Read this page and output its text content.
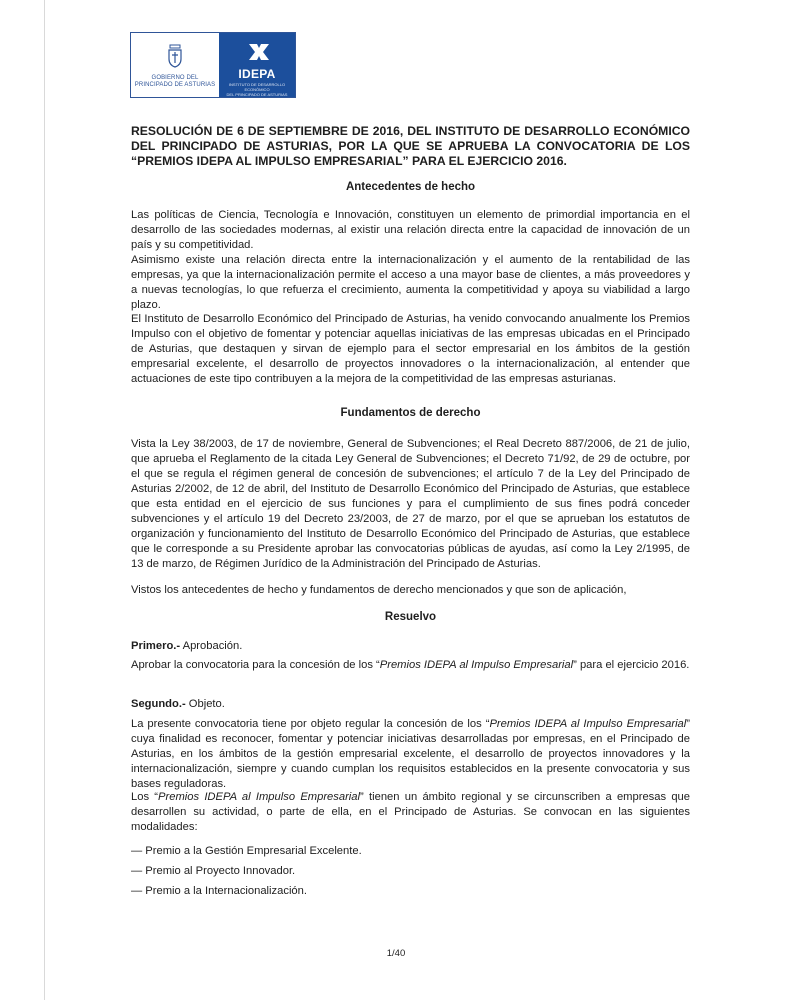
GOBIERNO DEL
PRINCIPADO DE ASTURIAS
IDEPA
INSTITUTO DE DESARROLLO ECONÓMICO
DEL PRINCIPADO DE ASTURIAS

RESOLUCIÓN DE 6 DE SEPTIEMBRE DE 2016, DEL INSTITUTO DE DESARROLLO ECONÓMICO DEL PRINCIPADO DE ASTURIAS, POR LA QUE SE APRUEBA LA CONVOCATORIA DE LOS “PREMIOS IDEPA AL IMPULSO EMPRESARIAL” PARA EL EJERCICIO 2016.

Antecedentes de hecho

Las políticas de Ciencia, Tecnología e Innovación, constituyen un elemento de primordial importancia en el desarrollo de las sociedades modernas, al existir una relación directa entre la capacidad de innovación de un país y su competitividad.

Asimismo existe una relación directa entre la internacionalización y el aumento de la rentabilidad de las empresas, ya que la internacionalización permite el acceso a una mayor base de clientes, a más proveedores y a nuevas tecnologías, lo que refuerza el crecimiento, aumenta la competitividad y apoya su viabilidad a largo plazo.

El Instituto de Desarrollo Económico del Principado de Asturias, ha venido convocando anualmente los Premios Impulso con el objetivo de fomentar y potenciar aquellas iniciativas de las empresas ubicadas en el Principado de Asturias, que destaquen y sirvan de ejemplo para el sector empresarial en los ámbitos de la gestión empresarial excelente, el desarrollo de proyectos innovadores o la internacionalización, al entender que actuaciones de este tipo contribuyen a la mejora de la competitividad de las empresas asturianas.

Fundamentos de derecho

Vista la Ley 38/2003, de 17 de noviembre, General de Subvenciones; el Real Decreto 887/2006, de 21 de julio, que aprueba el Reglamento de la citada Ley General de Subvenciones; el Decreto 71/92, de 29 de octubre, por el que se regula el régimen general de concesión de subvenciones; el artículo 7 de la Ley del Principado de Asturias 2/2002, de 12 de abril, del Instituto de Desarrollo Económico del Principado de Asturias, que establece que esta entidad en el ejercicio de sus funciones y para el cumplimiento de sus fines podrá conceder subvenciones y el artículo 19 del Decreto 23/2003, de 27 de marzo, por el que se aprueban los estatutos de organización y funcionamiento del Instituto de Desarrollo Económico del Principado de Asturias, que establece que le corresponde a su Presidente aprobar las convocatorias públicas de ayudas, así como la Ley 2/1995, de 13 de marzo, de Régimen Jurídico de la Administración del Principado de Asturias.

Vistos los antecedentes de hecho y fundamentos de derecho mencionados y que son de aplicación,

Resuelvo

Primero.- Aprobación.

Aprobar la convocatoria para la concesión de los “Premios IDEPA al Impulso Empresarial” para el ejercicio 2016.

Segundo.- Objeto.

La presente convocatoria tiene por objeto regular la concesión de los “Premios IDEPA al Impulso Empresarial” cuya finalidad es reconocer, fomentar y potenciar iniciativas desarrolladas por empresas, en el Principado de Asturias, en los ámbitos de la gestión empresarial excelente, el desarrollo de proyectos innovadores y la internacionalización, siempre y cuando cumplan los requisitos establecidos en la presente convocatoria y sus bases reguladoras.

Los “Premios IDEPA al Impulso Empresarial” tienen un ámbito regional y se circunscriben a empresas que desarrollen su actividad, o parte de ella, en el Principado de Asturias. Se convocan en las siguientes modalidades:

— Premio a la Gestión Empresarial Excelente.

— Premio al Proyecto Innovador.

— Premio a la Internacionalización.

1/40
